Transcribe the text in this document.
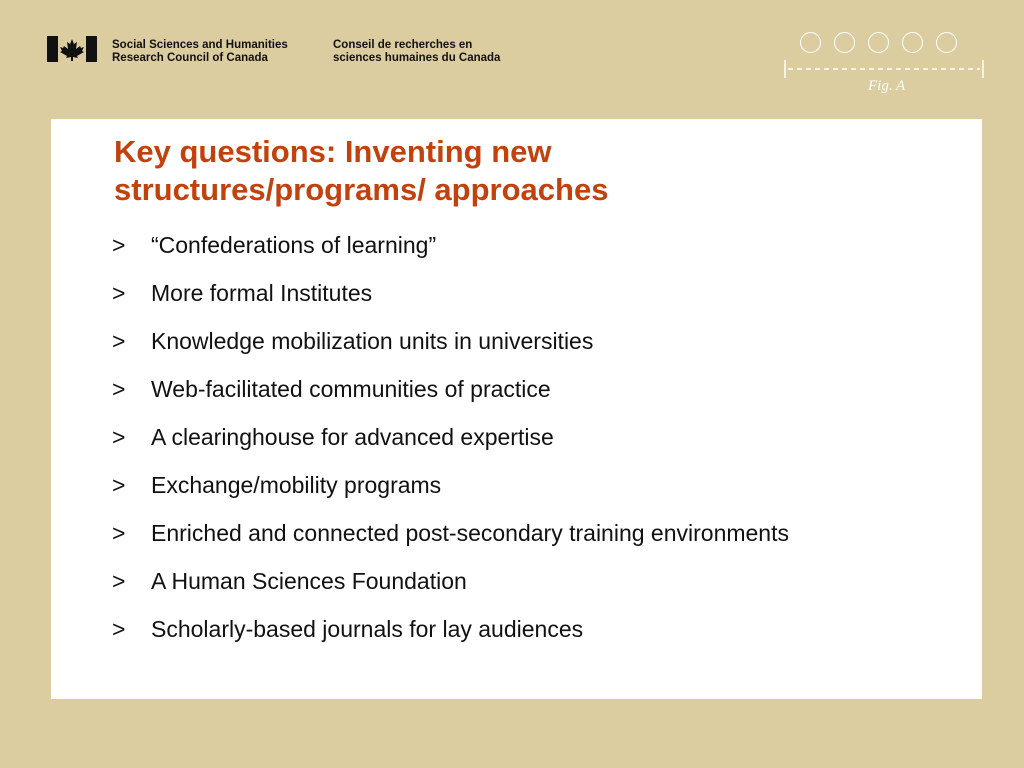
Social Sciences and Humanities
Research Council of Canada
Conseil de recherches en
sciences humaines du Canada
Fig. A
Key questions: Inventing new
structures/programs/ approaches
>	“Confederations of learning”
>	More formal Institutes
>	Knowledge mobilization units in universities
>	Web-facilitated communities of practice
>	A clearinghouse for advanced expertise
>	Exchange/mobility programs
>	Enriched and connected post-secondary training environments
>	A Human Sciences Foundation
>	Scholarly-based journals for lay audiences
